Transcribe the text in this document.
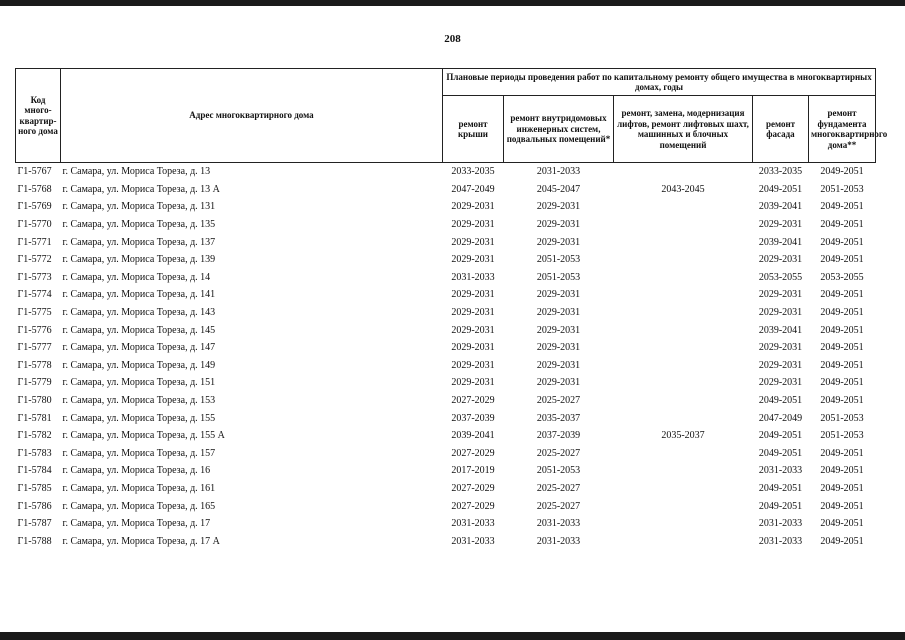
208
Код много-квартир-ного дома	Адрес многоквартирного дома	Плановые периоды проведения работ по капитальному ремонту общего имущества в многоквартирных домах, годы				
		ремонт крыши	ремонт внутридомовых инженерных систем, подвальных помещений*	ремонт, замена, модернизация лифтов, ремонт лифтовых шахт, машинных и блочных помещений	ремонт фасада	ремонт фундамента многоквартирного дома**
Г1-5767	г. Самара, ул. Мориса Тореза, д. 13	2033-2035	2031-2033		2033-2035	2049-2051
Г1-5768	г. Самара, ул. Мориса Тореза, д. 13 А	2047-2049	2045-2047	2043-2045	2049-2051	2051-2053
Г1-5769	г. Самара, ул. Мориса Тореза, д. 131	2029-2031	2029-2031		2039-2041	2049-2051
Г1-5770	г. Самара, ул. Мориса Тореза, д. 135	2029-2031	2029-2031		2029-2031	2049-2051
Г1-5771	г. Самара, ул. Мориса Тореза, д. 137	2029-2031	2029-2031		2039-2041	2049-2051
Г1-5772	г. Самара, ул. Мориса Тореза, д. 139	2029-2031	2051-2053		2029-2031	2049-2051
Г1-5773	г. Самара, ул. Мориса Тореза, д. 14	2031-2033	2051-2053		2053-2055	2053-2055
Г1-5774	г. Самара, ул. Мориса Тореза, д. 141	2029-2031	2029-2031		2029-2031	2049-2051
Г1-5775	г. Самара, ул. Мориса Тореза, д. 143	2029-2031	2029-2031		2029-2031	2049-2051
Г1-5776	г. Самара, ул. Мориса Тореза, д. 145	2029-2031	2029-2031		2039-2041	2049-2051
Г1-5777	г. Самара, ул. Мориса Тореза, д. 147	2029-2031	2029-2031		2029-2031	2049-2051
Г1-5778	г. Самара, ул. Мориса Тореза, д. 149	2029-2031	2029-2031		2029-2031	2049-2051
Г1-5779	г. Самара, ул. Мориса Тореза, д. 151	2029-2031	2029-2031		2029-2031	2049-2051
Г1-5780	г. Самара, ул. Мориса Тореза, д. 153	2027-2029	2025-2027		2049-2051	2049-2051
Г1-5781	г. Самара, ул. Мориса Тореза, д. 155	2037-2039	2035-2037		2047-2049	2051-2053
Г1-5782	г. Самара, ул. Мориса Тореза, д. 155 А	2039-2041	2037-2039	2035-2037	2049-2051	2051-2053
Г1-5783	г. Самара, ул. Мориса Тореза, д. 157	2027-2029	2025-2027		2049-2051	2049-2051
Г1-5784	г. Самара, ул. Мориса Тореза, д. 16	2017-2019	2051-2053		2031-2033	2049-2051
Г1-5785	г. Самара, ул. Мориса Тореза, д. 161	2027-2029	2025-2027		2049-2051	2049-2051
Г1-5786	г. Самара, ул. Мориса Тореза, д. 165	2027-2029	2025-2027		2049-2051	2049-2051
Г1-5787	г. Самара, ул. Мориса Тореза, д. 17	2031-2033	2031-2033		2031-2033	2049-2051
Г1-5788	г. Самара, ул. Мориса Тореза, д. 17 А	2031-2033	2031-2033		2031-2033	2049-2051
